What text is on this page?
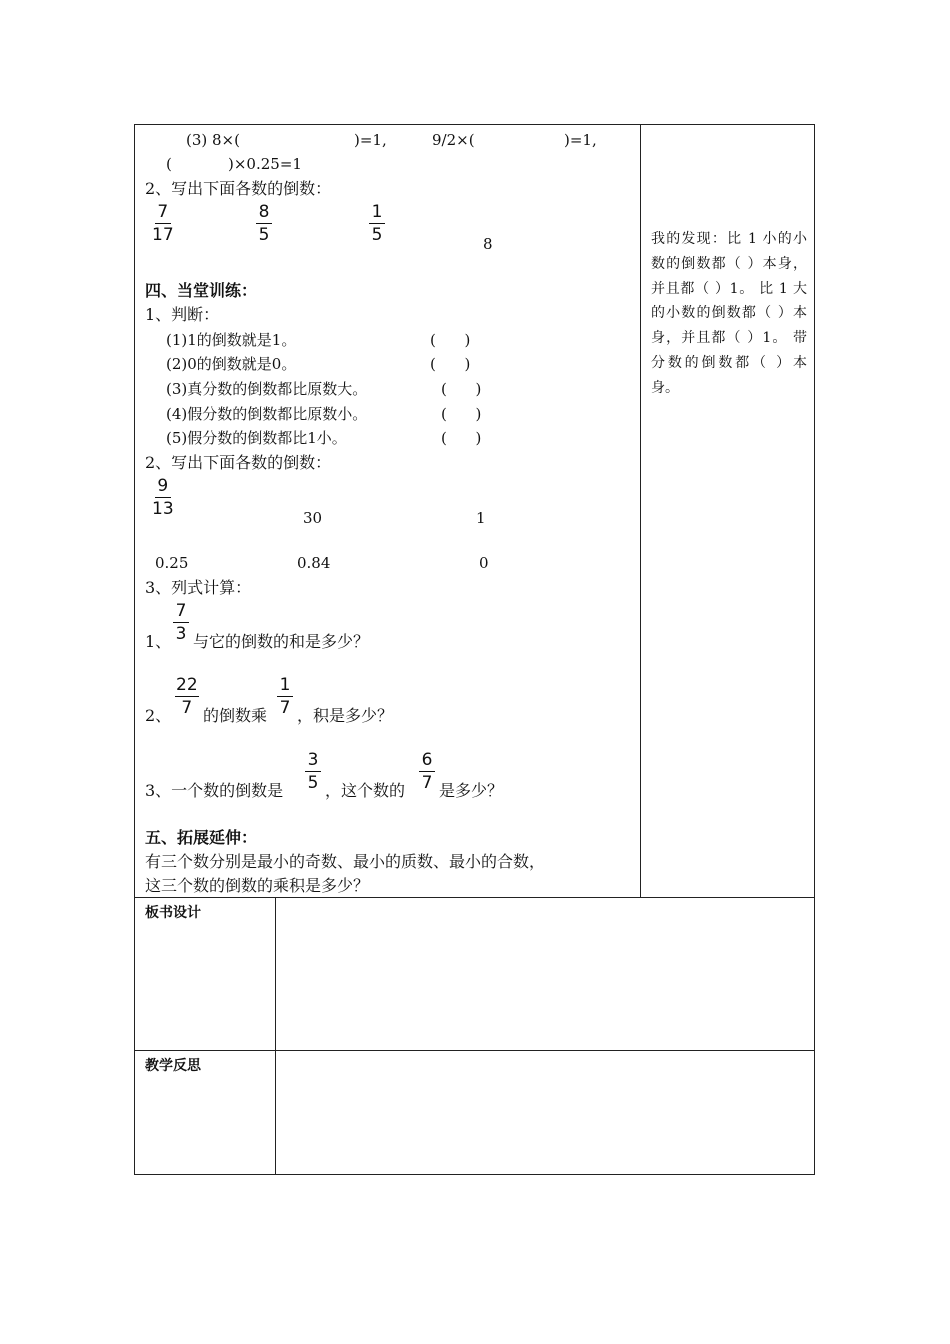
(3) 8×(	)=1,	9/2×(	)=1,
(	)×0.25=1
2、写出下面各数的倒数：
$\frac{7}{17}$	$\frac{8}{5}$	$\frac{1}{5}$	8
四、当堂训练：
1、判断：
(1)1的倒数就是1。	(      )
(2)0的倒数就是0。	(      )
(3)真分数的倒数都比原数大。	(      )
(4)假分数的倒数都比原数小。	(      )
(5)假分数的倒数都比1小。	(      )
2、写出下面各数的倒数：
$\frac{9}{13}$	30	1
0.25	0.84	0
3、列式计算：
1、 $\frac{7}{3}$ 与它的倒数的和是多少？
2、 $\frac{22}{7}$ 的倒数乘 $\frac{1}{7}$ ，积是多少？
3、一个数的倒数是 $\frac{3}{5}$ ，这个数的 $\frac{6}{7}$ 是多少？
五、拓展延伸：
有三个数分别是最小的奇数、最小的质数、最小的合数，
这三个数的倒数的乘积是多少？
我的发现：比 1 小的小数的倒数都（ ）本身，并且都（ ）1。 比 1 大的小数的倒数都（ ）本身，并且都（ ）1。 带分数的倒数都（ ）本身。
板书设计
教学反思
